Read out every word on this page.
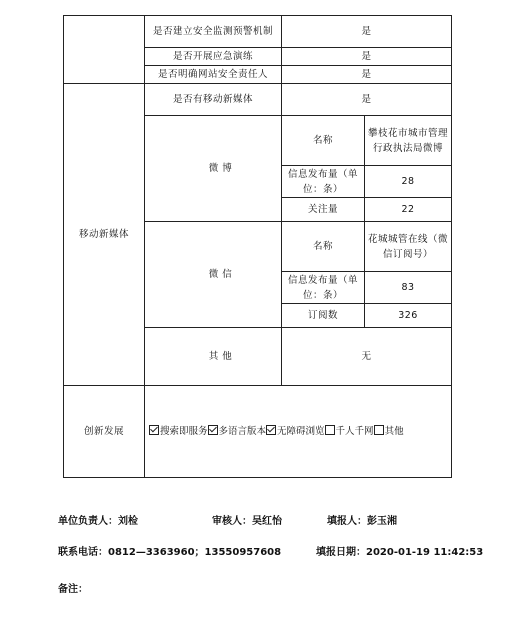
	是否建立安全监测预警机制	是	
	是否开展应急演练	是	
	是否明确网站安全责任人	是	
移动新媒体	是否有移动新媒体	是	
	微 博	名称	攀枝花市城市管理行政执法局微博
		信息发布量（单位：条）	28
		关注量	22
	微 信	名称	花城城管在线（微信订阅号）
		信息发布量（单位：条）	83
		订阅数	326
	其 他	无	
创新发展	搜索即服务 多语言版本 无障碍浏览 千人千网 其他		
单位负责人：刘检	审核人：吴红怡	填报人：彭玉湘
联系电话：0812—3363960；13550957608	填报日期：2020-01-19 11:42:53
备注：
